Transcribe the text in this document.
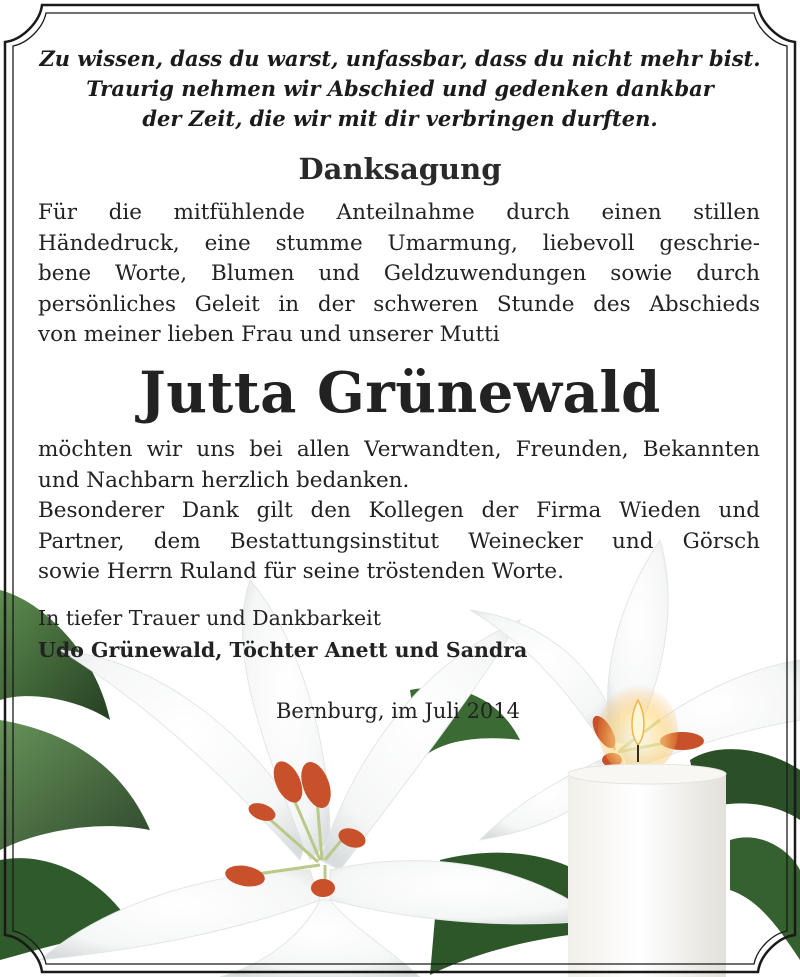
Zu wissen, dass du warst, unfassbar, dass du nicht mehr bist.
Traurig nehmen wir Abschied und gedenken dankbar
der Zeit, die wir mit dir verbringen durften.
Danksagung
Für die mitfühlende Anteilnahme durch einen stillen
Händedruck, eine stumme Umarmung, liebevoll geschrie-
bene Worte, Blumen und Geldzuwendungen sowie durch
persönliches Geleit in der schweren Stunde des Abschieds
von meiner lieben Frau und unserer Mutti
Jutta Grünewald
möchten wir uns bei allen Verwandten, Freunden, Bekannten
und Nachbarn herzlich bedanken.
Besonderer Dank gilt den Kollegen der Firma Wieden und
Partner, dem Bestattungsinstitut Weinecker und Görsch
sowie Herrn Ruland für seine tröstenden Worte.
In tiefer Trauer und Dankbarkeit
Udo Grünewald, Töchter Anett und Sandra
Bernburg, im Juli 2014
